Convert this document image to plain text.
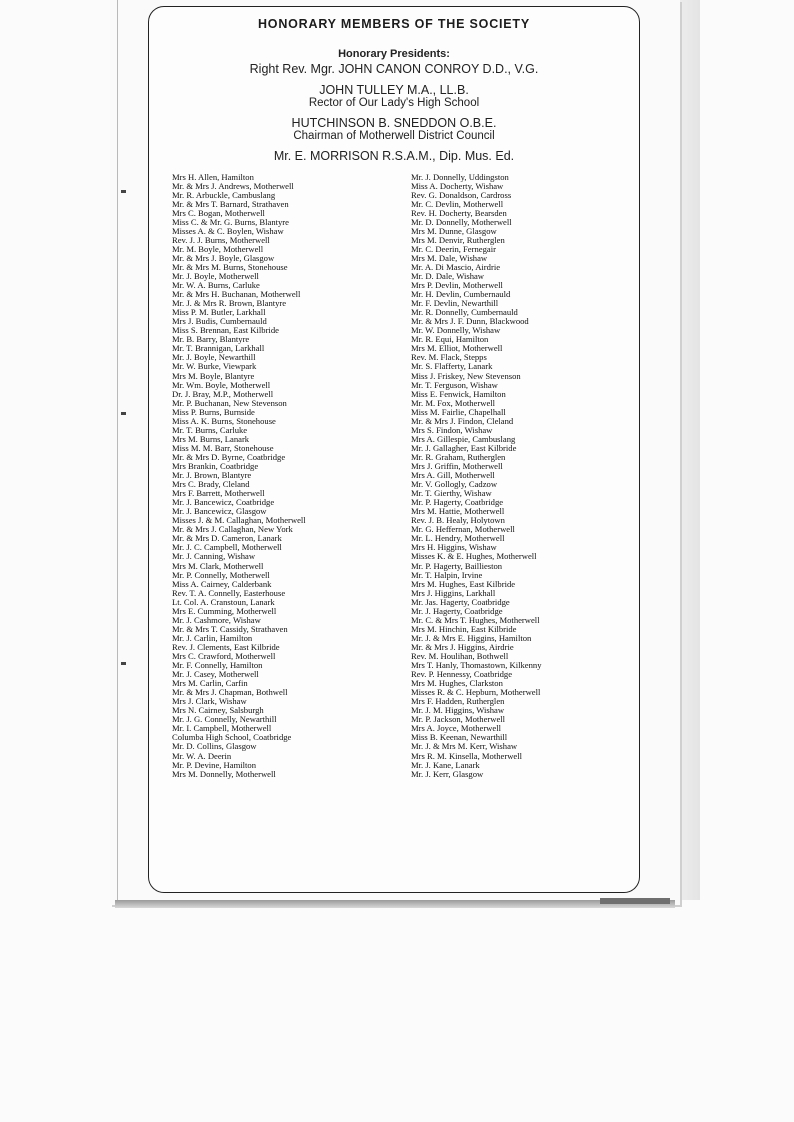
HONORARY MEMBERS OF THE SOCIETY
Honorary Presidents:
Right Rev. Mgr. JOHN CANON CONROY D.D., V.G.
JOHN TULLEY M.A., LL.B.
Rector of Our Lady's High School
HUTCHINSON B. SNEDDON O.B.E.
Chairman of Motherwell District Council
Mr. E. MORRISON R.S.A.M., Dip. Mus. Ed.
Mrs H. Allen, Hamilton
Mr. & Mrs J. Andrews, Motherwell
Mr. R. Arbuckle, Cambuslang
Mr. & Mrs T. Barnard, Strathaven
Mrs C. Bogan, Motherwell
Miss C. & Mr. G. Burns, Blantyre
Misses A. & C. Boylen, Wishaw
Rev. J. J. Burns, Motherwell
Mr. M. Boyle, Motherwell
Mr. & Mrs J. Boyle, Glasgow
Mr. & Mrs M. Burns, Stonehouse
Mr. J. Boyle, Motherwell
Mr. W. A. Burns, Carluke
Mr. & Mrs H. Buchanan, Motherwell
Mr. J. & Mrs R. Brown, Blantyre
Miss P. M. Butler, Larkhall
Mrs J. Budis, Cumbernauld
Miss S. Brennan, East Kilbride
Mr. B. Barry, Blantyre
Mr. T. Brannigan, Larkhall
Mr. J. Boyle, Newarthill
Mr. W. Burke, Viewpark
Mrs M. Boyle, Blantyre
Mr. Wm. Boyle, Motherwell
Dr. J. Bray, M.P., Motherwell
Mr. P. Buchanan, New Stevenson
Miss P. Burns, Burnside
Miss A. K. Burns, Stonehouse
Mr. T. Burns, Carluke
Mrs M. Burns, Lanark
Miss M. M. Barr, Stonehouse
Mr. & Mrs D. Byrne, Coatbridge
Mrs Brankin, Coatbridge
Mr. J. Brown, Blantyre
Mrs C. Brady, Cleland
Mrs F. Barrett, Motherwell
Mr. J. Bancewicz, Coatbridge
Mr. J. Bancewicz, Glasgow
Misses J. & M. Callaghan, Motherwell
Mr. & Mrs J. Callaghan, New York
Mr. & Mrs D. Cameron, Lanark
Mr. J. C. Campbell, Motherwell
Mr. J. Canning, Wishaw
Mrs M. Clark, Motherwell
Mr. P. Connelly, Motherwell
Miss A. Cairney, Calderbank
Rev. T. A. Connelly, Easterhouse
Lt. Col. A. Cranstoun, Lanark
Mrs E. Cumming, Motherwell
Mr. J. Cashmore, Wishaw
Mr. & Mrs T. Cassidy, Strathaven
Mr. J. Carlin, Hamilton
Rev. J. Clements, East Kilbride
Mrs C. Crawford, Motherwell
Mr. F. Connelly, Hamilton
Mr. J. Casey, Motherwell
Mrs M. Carlin, Carfin
Mr. & Mrs J. Chapman, Bothwell
Mrs J. Clark, Wishaw
Mrs N. Cairney, Salsburgh
Mr. J. G. Connelly, Newarthill
Mr. I. Campbell, Motherwell
Columba High School, Coatbridge
Mr. D. Collins, Glasgow
Mr. W. A. Deerin
Mr. P. Devine, Hamilton
Mrs M. Donnelly, Motherwell
Mr. J. Donnelly, Uddingston
Miss A. Docherty, Wishaw
Rev. G. Donaldson, Cardross
Mr. C. Devlin, Motherwell
Rev. H. Docherty, Bearsden
Mr. D. Donnelly, Motherwell
Mrs M. Dunne, Glasgow
Mrs M. Denvir, Rutherglen
Mr. C. Deerin, Fernegair
Mrs M. Dale, Wishaw
Mr. A. Di Mascio, Airdrie
Mr. D. Dale, Wishaw
Mrs P. Devlin, Motherwell
Mr. H. Devlin, Cumbernauld
Mr. F. Devlin, Newarthill
Mr. R. Donnelly, Cumbernauld
Mr. & Mrs J. F. Dunn, Blackwood
Mr. W. Donnelly, Wishaw
Mr. R. Equi, Hamilton
Mrs M. Elliot, Motherwell
Rev. M. Flack, Stepps
Mr. S. Flafferty, Lanark
Miss J. Friskey, New Stevenson
Mr. T. Ferguson, Wishaw
Miss E. Fenwick, Hamilton
Mr. M. Fox, Motherwell
Miss M. Fairlie, Chapelhall
Mr. & Mrs J. Findon, Cleland
Mrs S. Findon, Wishaw
Mrs A. Gillespie, Cambuslang
Mr. J. Gallagher, East Kilbride
Mr. R. Graham, Rutherglen
Mrs J. Griffin, Motherwell
Mrs A. Gill, Motherwell
Mr. V. Gollogly, Cadzow
Mr. T. Gierthy, Wishaw
Mr. P. Hagerty, Coatbridge
Mrs M. Hattie, Motherwell
Rev. J. B. Healy, Holytown
Mr. G. Heffernan, Motherwell
Mr. L. Hendry, Motherwell
Mrs H. Higgins, Wishaw
Misses K. & E. Hughes, Motherwell
Mr. P. Hagerty, Baillieston
Mr. T. Halpin, Irvine
Mrs M. Hughes, East Kilbride
Mrs J. Higgins, Larkhall
Mr. Jas. Hagerty, Coatbridge
Mr. J. Hagerty, Coatbridge
Mr. C. & Mrs T. Hughes, Motherwell
Mrs M. Hinchin, East Kilbride
Mr. J. & Mrs E. Higgins, Hamilton
Mr. & Mrs J. Higgins, Airdrie
Rev. M. Houlihan, Bothwell
Mrs T. Hanly, Thomastown, Kilkenny
Rev. P. Hennessy, Coatbridge
Mrs M. Hughes, Clarkston
Misses R. & C. Hepburn, Motherwell
Mrs F. Hadden, Rutherglen
Mr. J. M. Higgins, Wishaw
Mr. P. Jackson, Motherwell
Mrs A. Joyce, Motherwell
Miss B. Keenan, Newarthill
Mr. J. & Mrs M. Kerr, Wishaw
Mrs R. M. Kinsella, Motherwell
Mr. J. Kane, Lanark
Mr. J. Kerr, Glasgow
